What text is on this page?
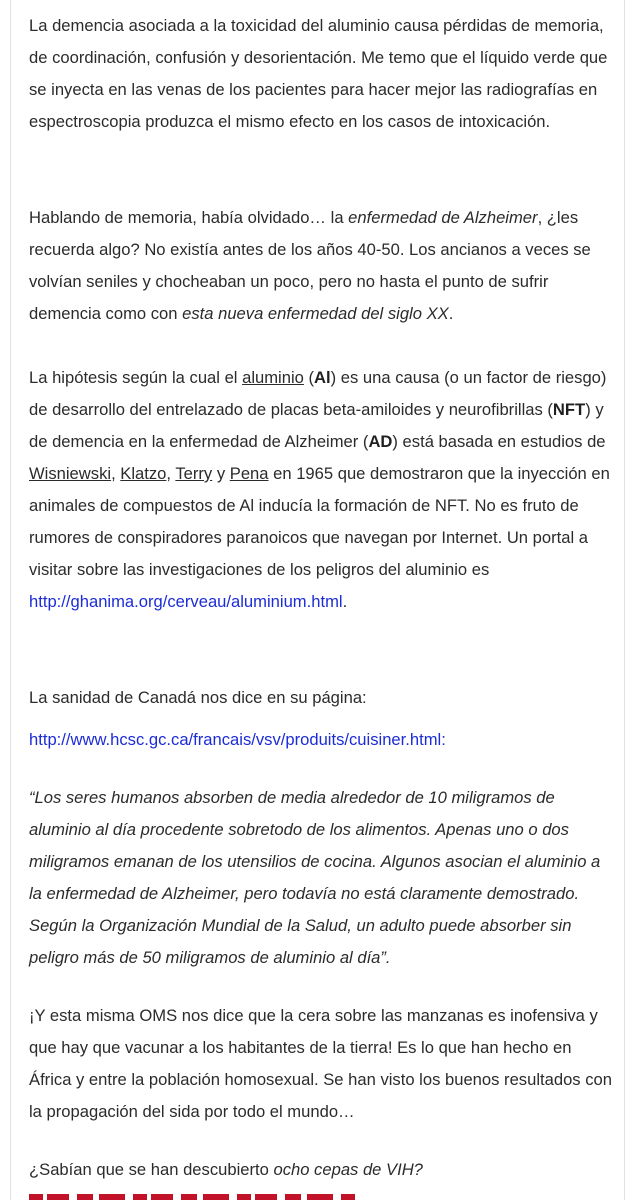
La demencia asociada a la toxicidad del aluminio causa pérdidas de memoria, de coordinación, confusión y desorientación. Me temo que el líquido verde que se inyecta en las venas de los pacientes para hacer mejor las radiografías en espectroscopia produzca el mismo efecto en los casos de intoxicación.

Hablando de memoria, había olvidado… la enfermedad de Alzheimer, ¿les recuerda algo? No existía antes de los años 40-50. Los ancianos a veces se volvían seniles y chocheaban un poco, pero no hasta el punto de sufrir demencia como con esta nueva enfermedad del siglo XX.

La hipótesis según la cual el aluminio (Al) es una causa (o un factor de riesgo) de desarrollo del entrelazado de placas beta-amiloides y neurofibrillas (NFT) y de demencia en la enfermedad de Alzheimer (AD) está basada en estudios de Wisniewski, Klatzo, Terry y Pena en 1965 que demostraron que la inyección en animales de compuestos de Al inducía la formación de NFT. No es fruto de rumores de conspiradores paranoicos que navegan por Internet. Un portal a visitar sobre las investigaciones de los peligros del aluminio es http://ghanima.org/cerveau/aluminium.html.

La sanidad de Canadá nos dice en su página:

http://www.hcsc.gc.ca/francais/vsv/produits/cuisiner.html:

“Los seres humanos absorben de media alrededor de 10 miligramos de aluminio al día procedente sobretodo de los alimentos. Apenas uno o dos miligramos emanan de los utensilios de cocina. Algunos asocian el aluminio a la enfermedad de Alzheimer, pero todavía no está claramente demostrado. Según la Organización Mundial de la Salud, un adulto puede absorber sin peligro más de 50 miligramos de aluminio al día”.

¡Y esta misma OMS nos dice que la cera sobre las manzanas es inofensiva y que hay que vacunar a los habitantes de la tierra! Es lo que han hecho en África y entre la población homosexual. Se han visto los buenos resultados con la propagación del sida por todo el mundo…

¿Sabían que se han descubierto ocho cepas de VIH?
